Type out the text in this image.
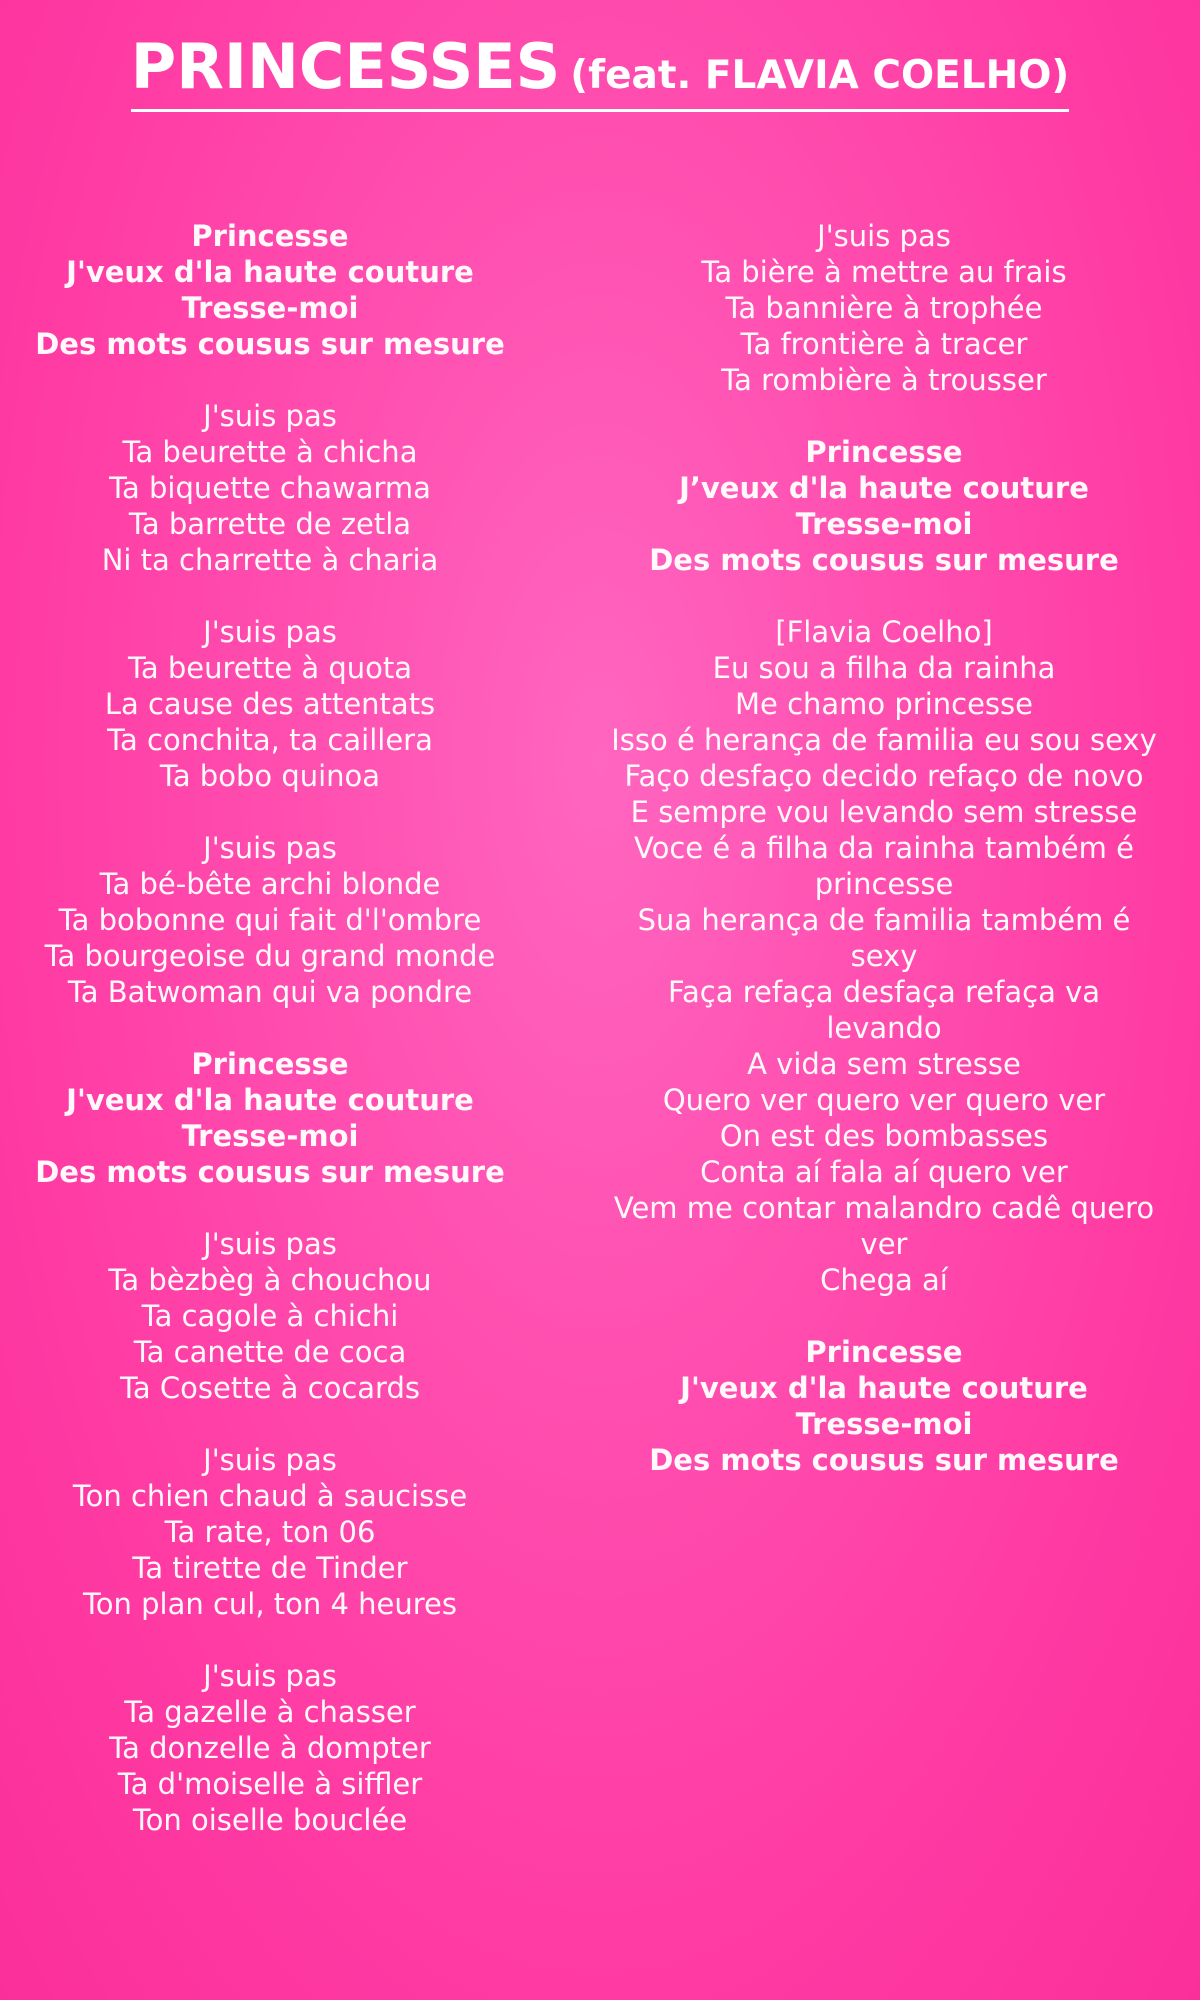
PRINCESSES (feat. FLAVIA COELHO)
Princesse
J'veux d'la haute couture
Tresse-moi
Des mots cousus sur mesure
J'suis pas
Ta beurette à chicha
Ta biquette chawarma
Ta barrette de zetla
Ni ta charrette à charia
J'suis pas
Ta beurette à quota
La cause des attentats
Ta conchita, ta caillera
Ta bobo quinoa
J'suis pas
Ta bé-bête archi blonde
Ta bobonne qui fait d'l'ombre
Ta bourgeoise du grand monde
Ta Batwoman qui va pondre
Princesse
J'veux d'la haute couture
Tresse-moi
Des mots cousus sur mesure
J'suis pas
Ta bèzbèg à chouchou
Ta cagole à chichi
Ta canette de coca
Ta Cosette à cocards
J'suis pas
Ton chien chaud à saucisse
Ta rate, ton 06
Ta tirette de Tinder
Ton plan cul, ton 4 heures
J'suis pas
Ta gazelle à chasser
Ta donzelle à dompter
Ta d'moiselle à siffler
Ton oiselle bouclée
J'suis pas
Ta bière à mettre au frais
Ta bannière à trophée
Ta frontière à tracer
Ta rombière à trousser
Princesse
J’veux d'la haute couture
Tresse-moi
Des mots cousus sur mesure
[Flavia Coelho]
Eu sou a filha da rainha
Me chamo princesse
Isso é herança de familia eu sou sexy
Faço desfaço decido refaço de novo
E sempre vou levando sem stresse
Voce é a filha da rainha também é
princesse
Sua herança de familia também é
sexy
Faça refaça desfaça refaça va
levando
A vida sem stresse
Quero ver quero ver quero ver
On est des bombasses
Conta aí fala aí quero ver
Vem me contar malandro cadê quero
ver
Chega aí
Princesse
J'veux d'la haute couture
Tresse-moi
Des mots cousus sur mesure
